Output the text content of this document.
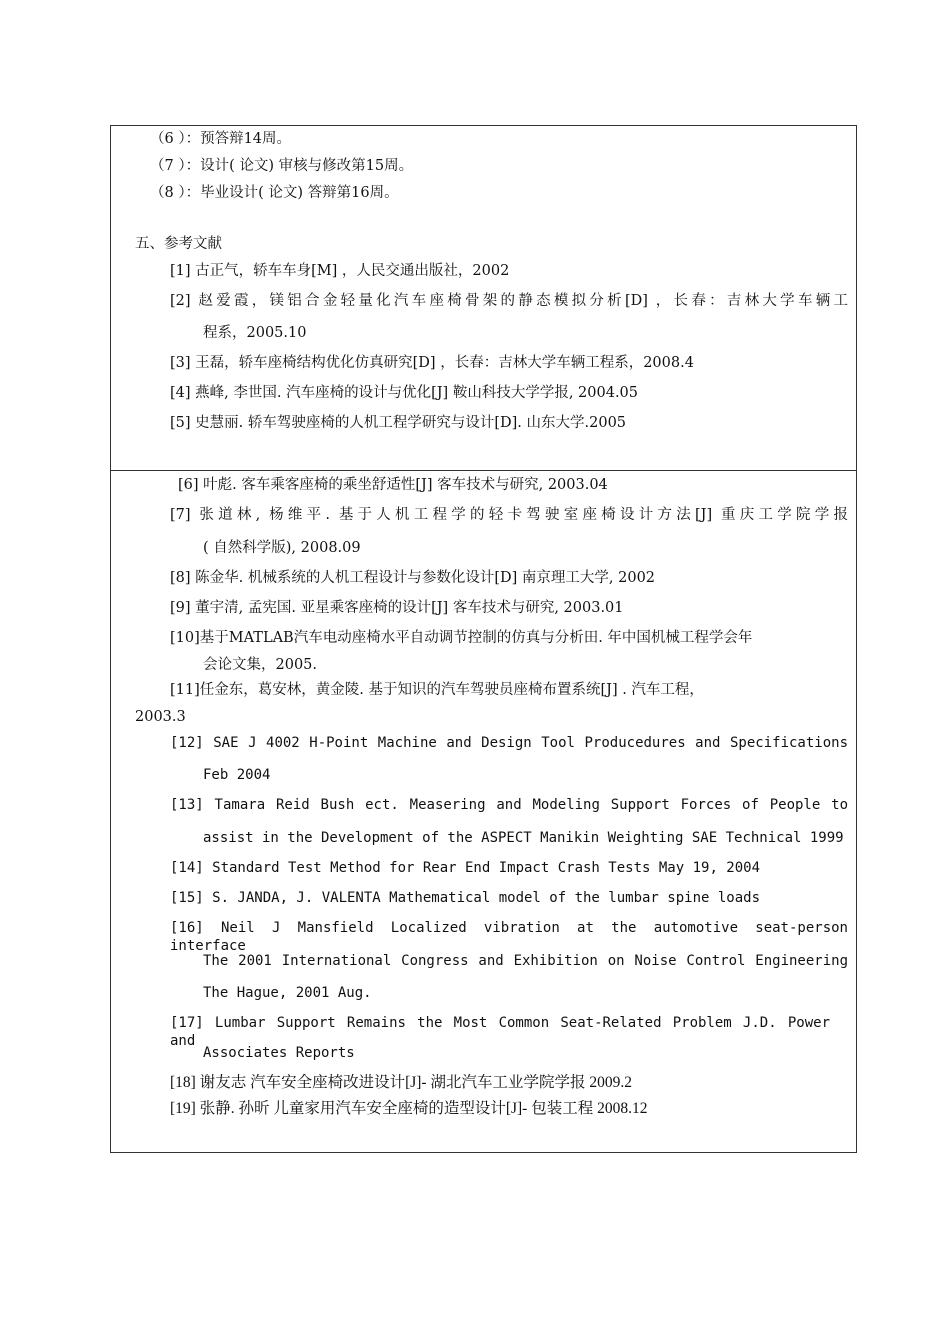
（6 ）：预答辩14周。
（7 ）：设计( 论文) 审核与修改第15周。
（8 ）：毕业设计( 论文) 答辩第16周。
五、参考文献
[1] 古正气，轿车车身[M] ，人民交通出版社，2002
[2] 赵爱霞，镁铝合金轻量化汽车座椅骨架的静态模拟分析[D] ，长春：吉林大学车辆工
程系，2005.10
[3] 王磊，轿车座椅结构优化仿真研究[D] ，长春：吉林大学车辆工程系，2008.4
[4] 燕峰, 李世国. 汽车座椅的设计与优化[J] 鞍山科技大学学报, 2004.05
[5] 史慧丽. 轿车驾驶座椅的人机工程学研究与设计[D]. 山东大学.2005
[6] 叶彪. 客车乘客座椅的乘坐舒适性[J] 客车技术与研究, 2003.04
[7] 张道林, 杨维平. 基于人机工程学的轻卡驾驶室座椅设计方法[J] 重庆工学院学报
( 自然科学版), 2008.09
[8] 陈金华. 机械系统的人机工程设计与参数化设计[D] 南京理工大学, 2002
[9] 董宇清, 孟宪国. 亚星乘客座椅的设计[J] 客车技术与研究, 2003.01
[10]基于MATLAB汽车电动座椅水平自动调节控制的仿真与分析田. 年中国机械工程学会年
会论文集，2005.
[11]任金东，葛安林，黄金陵. 基于知识的汽车驾驶员座椅布置系统[J] . 汽车工程，
2003.3
[12] SAE J 4002 H-Point Machine and Design Tool Producedures and Specifications
Feb 2004
[13] Tamara Reid Bush ect. Measering and Modeling Support Forces of People to
assist in the Development of the ASPECT Manikin Weighting SAE Technical 1999
[14] Standard Test Method for Rear End Impact Crash Tests May 19, 2004
[15] S. JANDA, J. VALENTA Mathematical model of the lumbar spine loads
[16] Neil J Mansfield Localized vibration at the automotive seat-person interface
The 2001 International Congress and Exhibition on Noise Control Engineering
The Hague, 2001 Aug.
[17] Lumbar Support Remains the Most Common Seat-Related Problem J.D. Power and
Associates Reports
[18] 谢友志 汽车安全座椅改进设计[J]- 湖北汽车工业学院学报 2009.2
[19] 张静. 孙昕 儿童家用汽车安全座椅的造型设计[J]- 包装工程 2008.12
